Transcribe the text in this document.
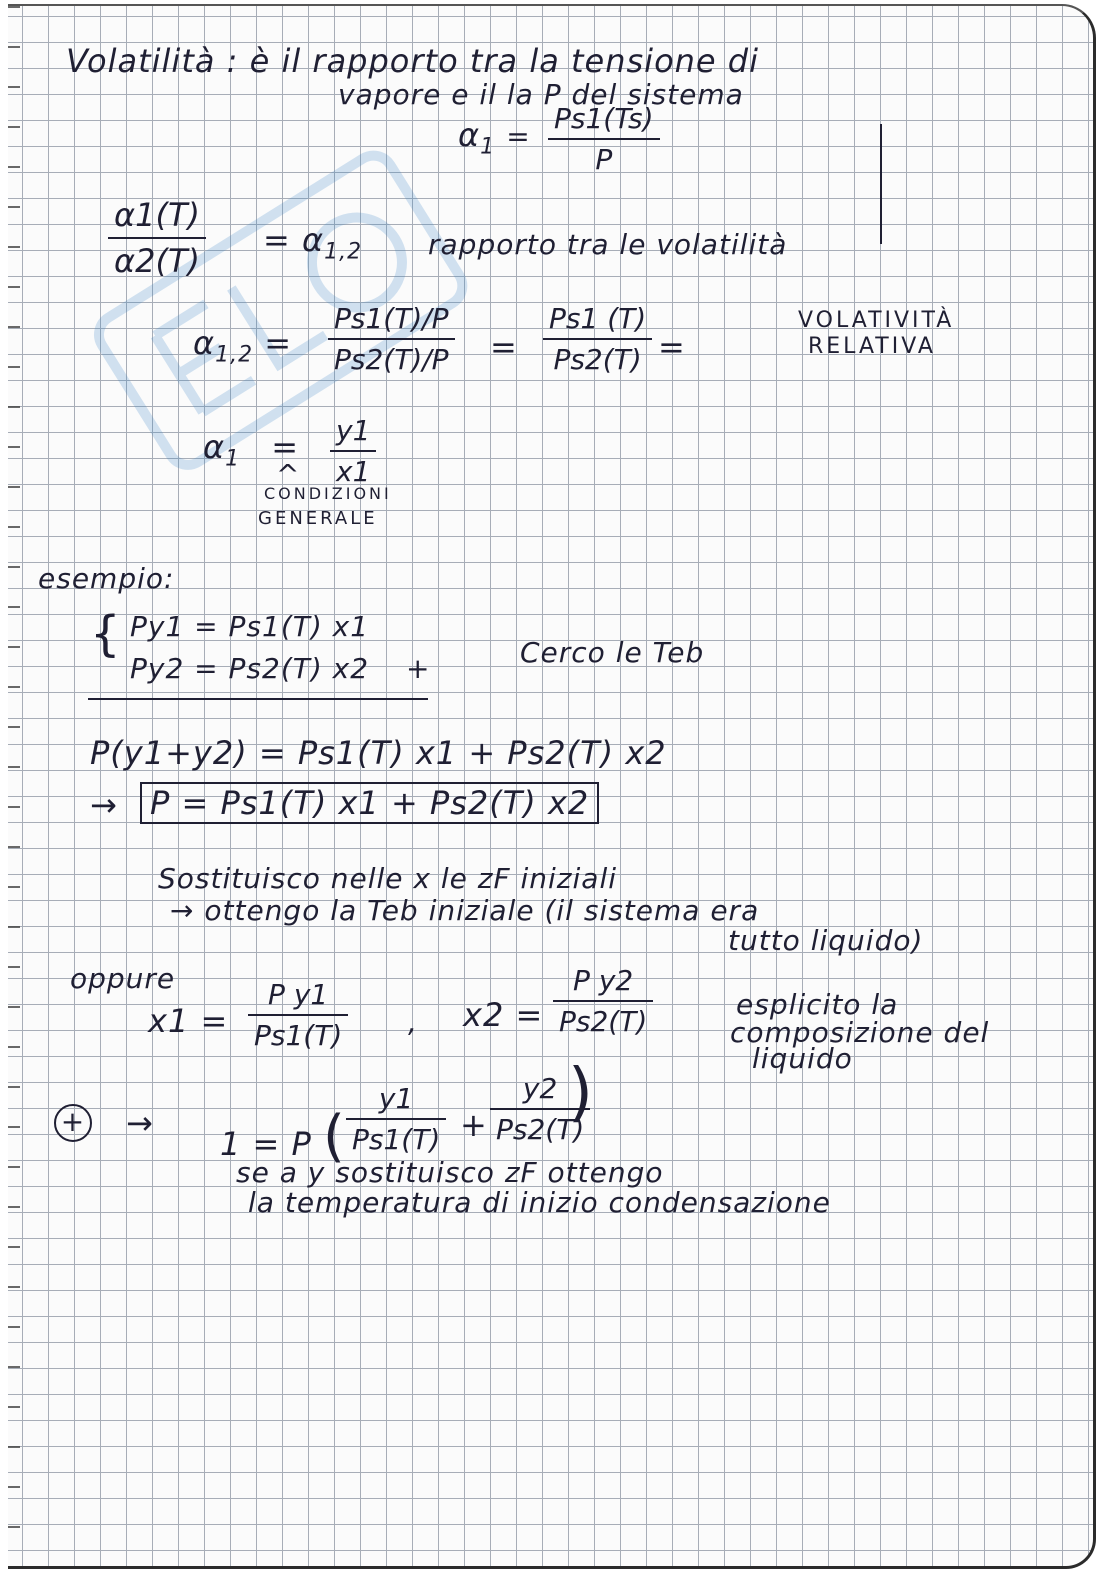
Volatilità : è il rapporto tra la tensione di
vapore e il la P del sistema
$\alpha_1$ =
Ps1(Ts)
P
α1(T)
α2(T)
= $\alpha_{1,2}$ rapporto tra le volatilità
$\alpha_{1,2}$ =
Ps1(T)/P
Ps2(T)/P =
Ps1 (T)
Ps2(T) =
VOLATIVITÀ
RELATIVA
$\alpha_1 = y1$
x1
^
CONDIZIONI
GENERALE
esempio:
{ Py1 = Ps1(T) x1
Py2 = Ps2(T) x2 +	Cerco le Teb
P(y1+y2) = Ps1(T) x1 + Ps2(T) x2
→	P = Ps1(T) x1 + Ps2(T) x2
Sostituisco nelle x le zF iniziali
→ ottengo la Teb iniziale (il sistema era
tutto liquido)
oppure
x1 =
P y1
Ps1(T) , x2 =
P y2
Ps2(T)
esplicito la
composizione del
liquido
+ →
1 = P (
y1
Ps1(T) +
y2
Ps2(T)
)
se a y sostituisco zF ottengo
la temperatura di inizio condensazione
